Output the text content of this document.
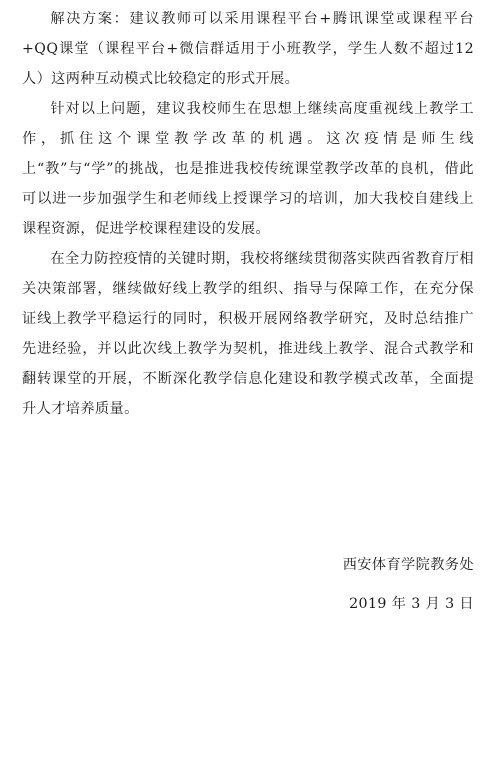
解决方案：建议教师可以采用课程平台+腾讯课堂或课程平台+QQ课堂（课程平台+微信群适用于小班教学，学生人数不超过12人）这两种互动模式比较稳定的形式开展。

针对以上问题，建议我校师生在思想上继续高度重视线上教学工作，抓住这个课堂教学改革的机遇。这次疫情是师生线上“教”与“学”的挑战，也是推进我校传统课堂教学改革的良机，借此可以进一步加强学生和老师线上授课学习的培训，加大我校自建线上课程资源，促进学校课程建设的发展。

在全力防控疫情的关键时期，我校将继续贯彻落实陕西省教育厅相关决策部署，继续做好线上教学的组织、指导与保障工作，在充分保证线上教学平稳运行的同时，积极开展网络教学研究，及时总结推广先进经验，并以此次线上教学为契机，推进线上教学、混合式教学和翻转课堂的开展，不断深化教学信息化建设和教学模式改革，全面提升人才培养质量。

西安体育学院教务处
2019 年 3 月 3 日
